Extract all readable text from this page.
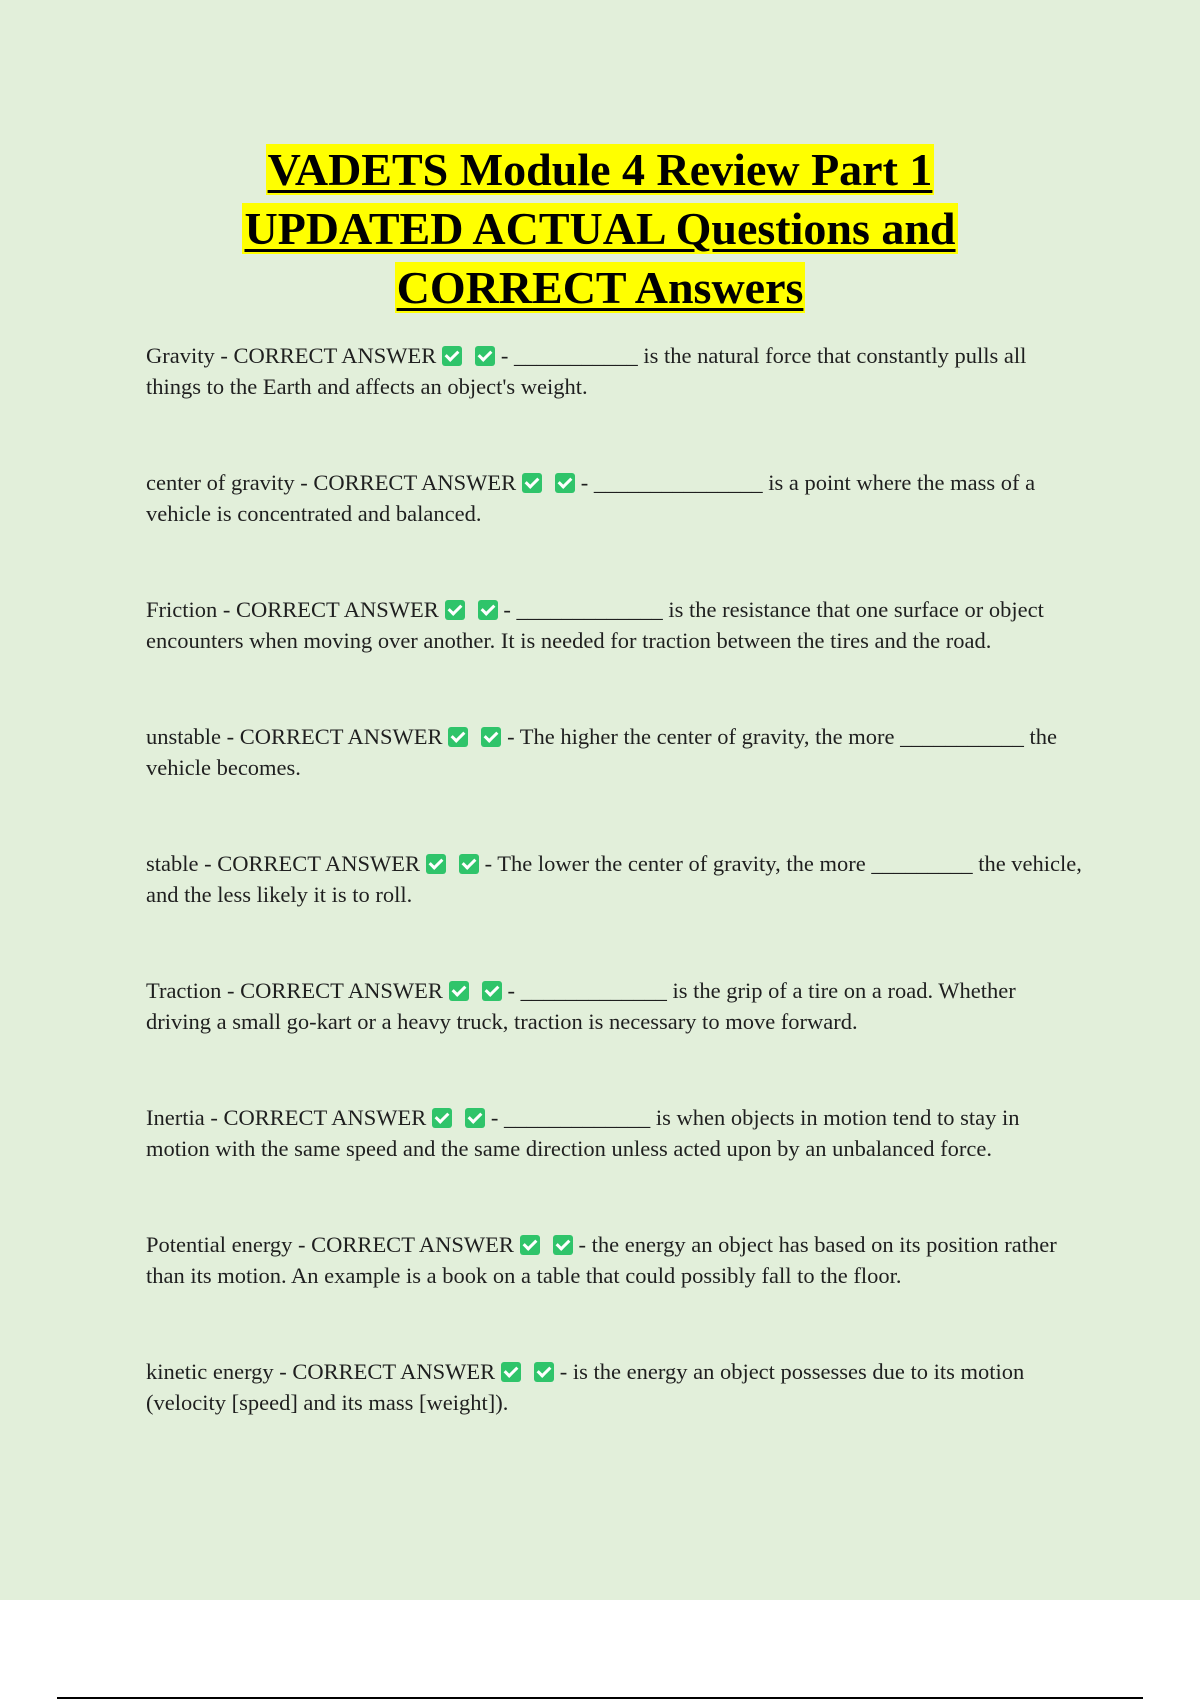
VADETS Module 4 Review Part 1
UPDATED ACTUAL Questions and
CORRECT Answers

Gravity - CORRECT ANSWER	- ___________ is the natural force that constantly pulls all things to the Earth and affects an object's weight.

center of gravity - CORRECT ANSWER	- _______________ is a point where the mass of a vehicle is concentrated and balanced.

Friction - CORRECT ANSWER	- _____________ is the resistance that one surface or object encounters when moving over another. It is needed for traction between the tires and the road.

unstable - CORRECT ANSWER	- The higher the center of gravity, the more ___________ the vehicle becomes.

stable - CORRECT ANSWER	- The lower the center of gravity, the more _________ the vehicle, and the less likely it is to roll.

Traction - CORRECT ANSWER	- _____________ is the grip of a tire on a road. Whether driving a small go-kart or a heavy truck, traction is necessary to move forward.

Inertia - CORRECT ANSWER	- _____________ is when objects in motion tend to stay in motion with the same speed and the same direction unless acted upon by an unbalanced force.

Potential energy - CORRECT ANSWER	- the energy an object has based on its position rather than its motion. An example is a book on a table that could possibly fall to the floor.

kinetic energy - CORRECT ANSWER	- is the energy an object possesses due to its motion (velocity [speed] and its mass [weight]).
